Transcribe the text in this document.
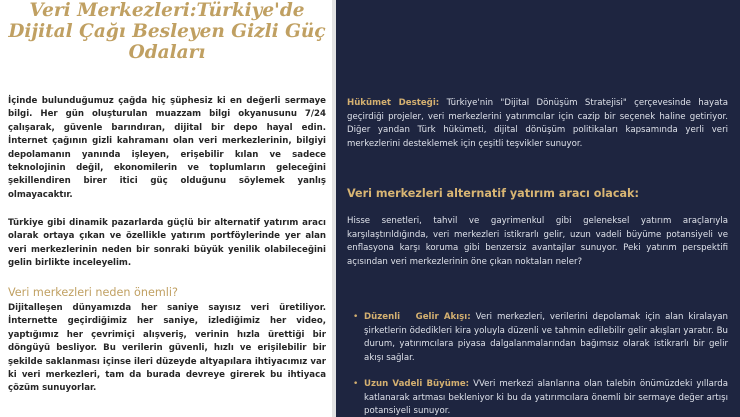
Veri Merkezleri:Türkiye'de Dijital Çağı Besleyen Gizli Güç Odaları

İçinde bulunduğumuz çağda hiç şüphesiz ki en değerli sermaye bilgi. Her gün oluşturulan muazzam bilgi okyanusunu 7/24 çalışarak, güvenle barındıran, dijital bir depo hayal edin. İnternet çağının gizli kahramanı olan veri merkezlerinin, bilgiyi depolamanın yanında işleyen, erişebilir kılan ve sadece teknolojinin değil, ekonomilerin ve toplumların geleceğini şekillendiren birer itici güç olduğunu söylemek yanlış olmayacaktır.

Türkiye gibi dinamik pazarlarda güçlü bir alternatif yatırım aracı olarak ortaya çıkan ve özellikle yatırım portföylerinde yer alan veri merkezlerinin neden bir sonraki büyük yenilik olabileceğini gelin birlikte inceleyelim.

Veri merkezleri neden önemli?

Dijitalleşen dünyamızda her saniye sayısız veri üretiliyor. İnternette geçirdiğimiz her saniye, izlediğimiz her video, yaptığımız her çevrimiçi alışveriş, verinin hızla ürettiği bir döngüyü besliyor. Bu verilerin güvenli, hızlı ve erişilebilir bir şekilde saklanması içinse ileri düzeyde altyapılara ihtiyacımız var ki veri merkezleri, tam da burada devreye girerek bu ihtiyaca çözüm sunuyorlar.

Hükümet Desteği: Türkiye'nin "Dijital Dönüşüm Stratejisi" çerçevesinde hayata geçirdiği projeler, veri merkezlerini yatırımcılar için cazip bir seçenek haline getiriyor. Diğer yandan Türk hükümeti, dijital dönüşüm politikaları kapsamında yerli veri merkezlerini desteklemek için çeşitli teşvikler sunuyor.

Veri merkezleri alternatif yatırım aracı olacak:

Hisse senetleri, tahvil ve gayrimenkul gibi geleneksel yatırım araçlarıyla karşılaştırıldığında, veri merkezleri istikrarlı gelir, uzun vadeli büyüme potansiyeli ve enflasyona karşı koruma gibi benzersiz avantajlar sunuyor. Peki yatırım perspektifi açısından veri merkezlerinin öne çıkan noktaları neler?

• Düzenli   Gelir Akışı: Veri merkezleri, verilerini depolamak için alan kiralayan şirketlerin ödedikleri kira yoluyla düzenli ve tahmin edilebilir gelir akışları yaratır. Bu durum, yatırımcılara piyasa dalgalanmalarından bağımsız olarak istikrarlı bir gelir akışı sağlar.

• Uzun Vadeli Büyüme: VVeri merkezi alanlarına olan talebin önümüzdeki yıllarda katlanarak artması bekleniyor ki bu da yatırımcılara önemli bir sermaye değer artışı potansiyeli sunuyor.
